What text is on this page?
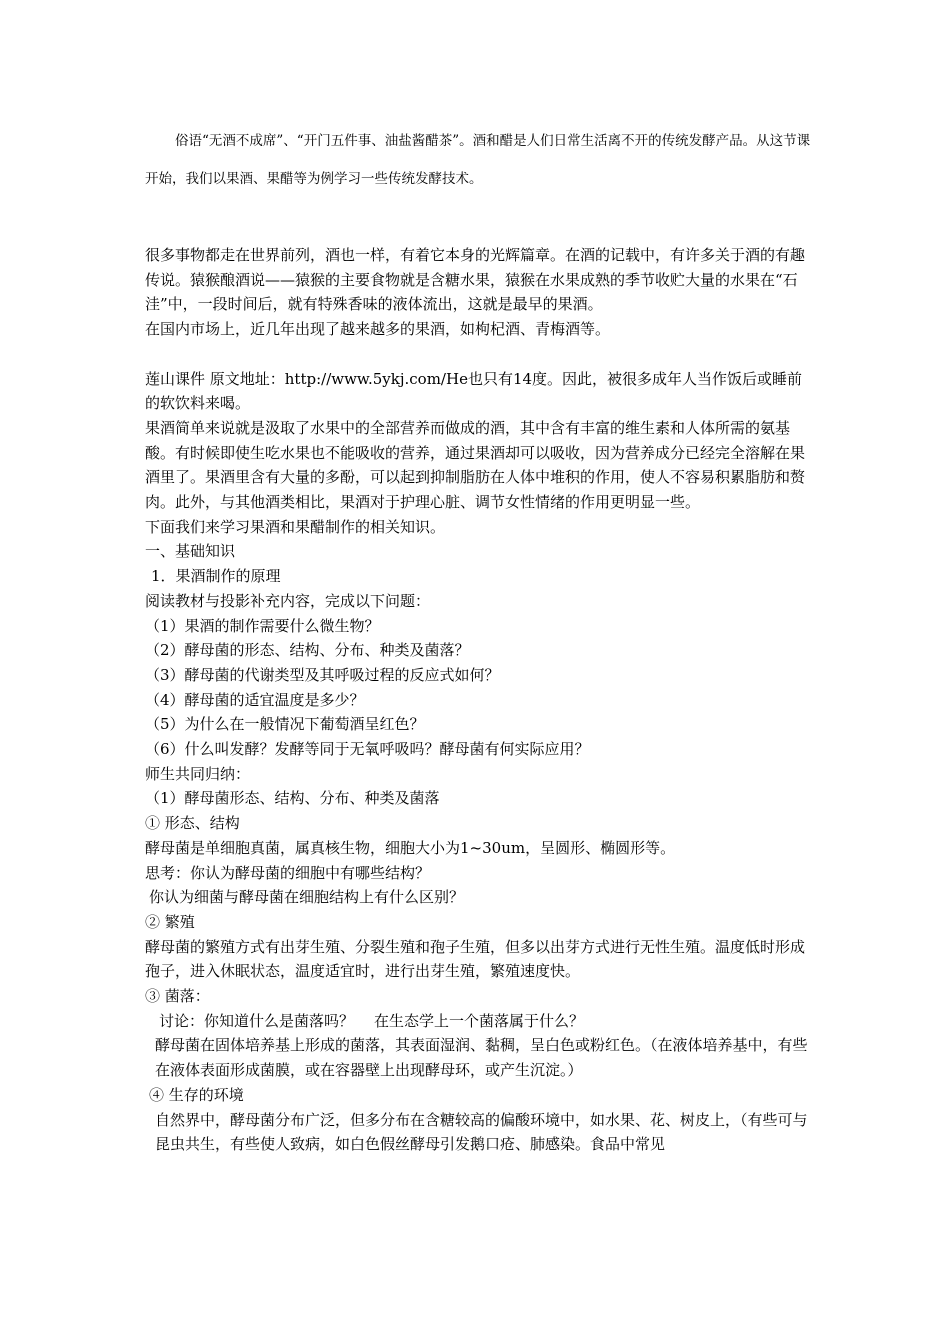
俗语“无酒不成席”、“开门五件事、油盐酱醋茶”。酒和醋是人们日常生活离不开的传统发酵产品。从这节课开始，我们以果酒、果醋等为例学习一些传统发酵技术。

很多事物都走在世界前列，酒也一样，有着它本身的光辉篇章。在酒的记载中，有许多关于酒的有趣传说。猿猴酿酒说——猿猴的主要食物就是含糖水果，猿猴在水果成熟的季节收贮大量的水果在“石洼”中，一段时间后，就有特殊香味的液体流出，这就是最早的果酒。

在国内市场上，近几年出现了越来越多的果酒，如枸杞酒、青梅酒等。

莲山课件 原文地址：http://www.5ykj.com/He也只有14度。因此，被很多成年人当作饭后或睡前的软饮料来喝。

果酒简单来说就是汲取了水果中的全部营养而做成的酒，其中含有丰富的维生素和人体所需的氨基酸。有时候即使生吃水果也不能吸收的营养，通过果酒却可以吸收，因为营养成分已经完全溶解在果酒里了。果酒里含有大量的多酚，可以起到抑制脂肪在人体中堆积的作用，使人不容易积累脂肪和赘肉。此外，与其他酒类相比，果酒对于护理心脏、调节女性情绪的作用更明显一些。

下面我们来学习果酒和果醋制作的相关知识。

一、基础知识

1．果酒制作的原理

阅读教材与投影补充内容，完成以下问题：

（1）果酒的制作需要什么微生物？

（2）酵母菌的形态、结构、分布、种类及菌落？

（3）酵母菌的代谢类型及其呼吸过程的反应式如何？

（4）酵母菌的适宜温度是多少？

（5）为什么在一般情况下葡萄酒呈红色？

（6）什么叫发酵？发酵等同于无氧呼吸吗？酵母菌有何实际应用？

师生共同归纳：

（1）酵母菌形态、结构、分布、种类及菌落

① 形态、结构

酵母菌是单细胞真菌，属真核生物，细胞大小为1~30um，呈圆形、椭圆形等。

思考：你认为酵母菌的细胞中有哪些结构？

你认为细菌与酵母菌在细胞结构上有什么区别？

② 繁殖

酵母菌的繁殖方式有出芽生殖、分裂生殖和孢子生殖，但多以出芽方式进行无性生殖。温度低时形成孢子，进入休眠状态，温度适宜时，进行出芽生殖，繁殖速度快。

③ 菌落：

讨论：你知道什么是菌落吗？ 在生态学上一个菌落属于什么？

酵母菌在固体培养基上形成的菌落，其表面湿润、黏稠，呈白色或粉红色。（在液体培养基中，有些在液体表面形成菌膜，或在容器壁上出现酵母环，或产生沉淀。）

④ 生存的环境

自然界中，酵母菌分布广泛，但多分布在含糖较高的偏酸环境中，如水果、花、树皮上，（有些可与昆虫共生，有些使人致病，如白色假丝酵母引发鹅口疮、肺感染。食品中常见
